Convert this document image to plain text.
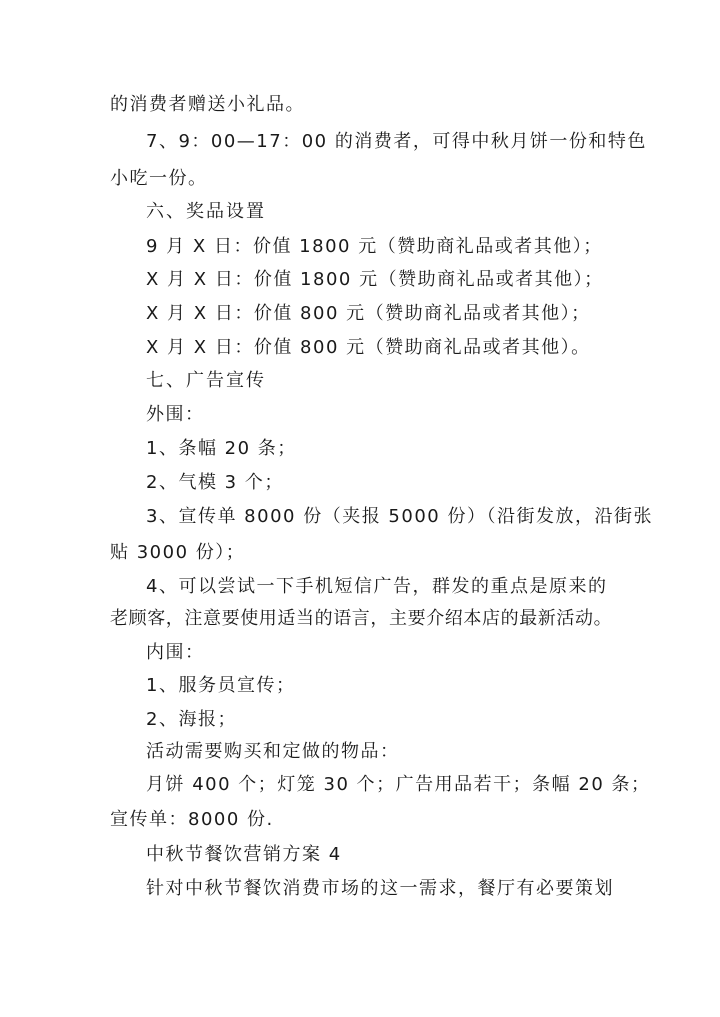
的消费者赠送小礼品。
7、9：00—17：00 的消费者，可得中秋月饼一份和特色
小吃一份。
六、奖品设置
9 月 X 日：价值 1800 元（赞助商礼品或者其他）；
X 月 X 日：价值 1800 元（赞助商礼品或者其他）；
X 月 X 日：价值 800 元（赞助商礼品或者其他）；
X 月 X 日：价值 800 元（赞助商礼品或者其他）。
七、广告宣传
外围：
1、条幅 20 条；
2、气模 3 个；
3、宣传单 8000 份（夹报 5000 份）（沿街发放，沿街张
贴 3000 份）；
4、可以尝试一下手机短信广告，群发的重点是原来的
老顾客，注意要使用适当的语言，主要介绍本店的最新活动。
内围：
1、服务员宣传；
2、海报；
活动需要购买和定做的物品：
月饼 400 个；灯笼 30 个；广告用品若干；条幅 20 条；
宣传单：8000 份.
中秋节餐饮营销方案 4
针对中秋节餐饮消费市场的这一需求，餐厅有必要策划
